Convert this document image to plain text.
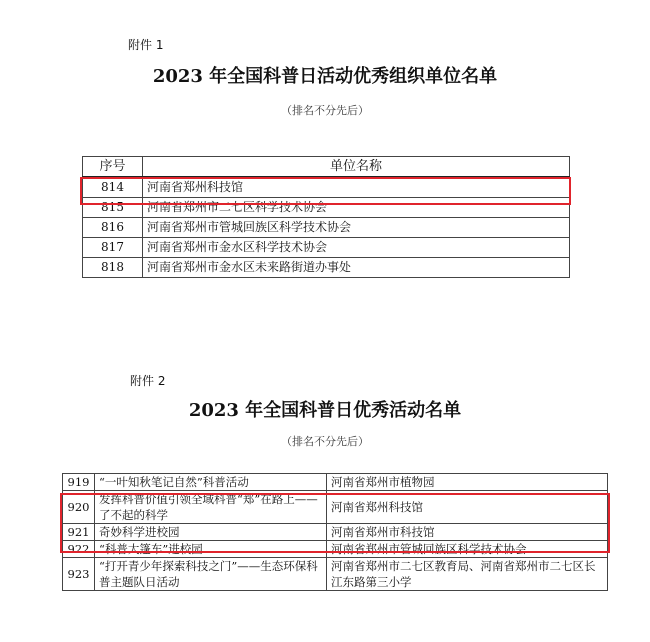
附件 1
2023 年全国科普日活动优秀组织单位名单
（排名不分先后）
序号	单位名称
814	河南省郑州科技馆
815	河南省郑州市二七区科学技术协会
816	河南省郑州市管城回族区科学技术协会
817	河南省郑州市金水区科学技术协会
818	河南省郑州市金水区未来路街道办事处
附件 2
2023 年全国科普日优秀活动名单
（排名不分先后）
919	“一叶知秋笔记自然”科普活动	河南省郑州市植物园
920	发挥科普价值引领全域科普“郑”在路上——了不起的科学	河南省郑州科技馆
921	奇妙科学进校园	河南省郑州市科技馆
922	“科普大篷车”进校园	河南省郑州市管城回族区科学技术协会
923	“打开青少年探索科技之门”——生态环保科普主题队日活动	河南省郑州市二七区教育局、河南省郑州市二七区长江东路第三小学
